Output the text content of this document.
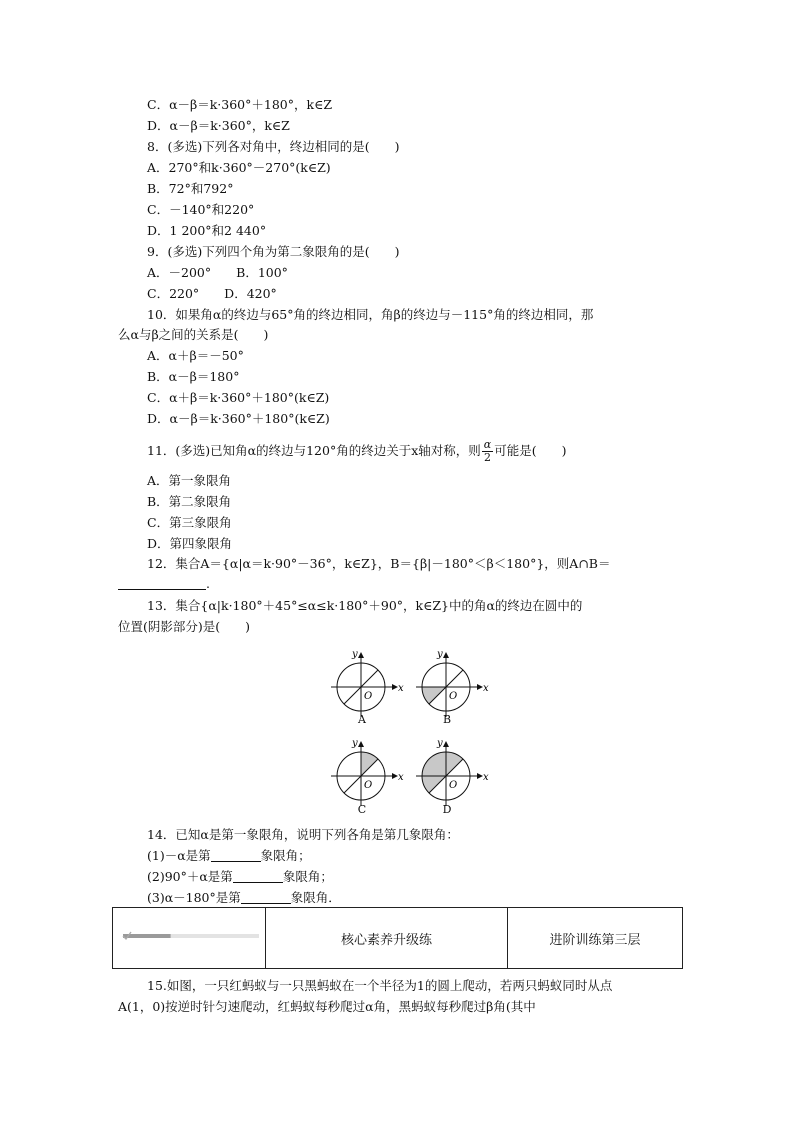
C．α－β＝k·360°＋180°，k∈Z
D．α－β＝k·360°，k∈Z
8．(多选)下列各对角中，终边相同的是(　　)
A．270°和k·360°－270°(k∈Z)
B．72°和792°
C．－140°和220°
D．1 200°和2 440°
9．(多选)下列四个角为第二象限角的是(　　)
A．－200°　　B．100°
C．220°　　D．420°
10．如果角α的终边与65°角的终边相同，角β的终边与－115°角的终边相同，那
么α与β之间的关系是(　　)
A．α＋β＝－50°
B．α－β＝180°
C．α＋β＝k·360°＋180°(k∈Z)
D．α－β＝k·360°＋180°(k∈Z)
11．(多选)已知角α的终边与120°角的终边关于x轴对称，则 $\frac{\alpha}{2}$ 可能是(　　)
A．第一象限角
B．第二象限角
C．第三象限角
D．第四象限角
12．集合A＝{α|α＝k·90°－36°，k∈Z}，B＝{β|－180°＜β＜180°}，则A∩B＝
.
13．集合{α|k·180°＋45°≤α≤k·180°＋90°，k∈Z}中的角α的终边在圆中的
位置(阴影部分)是(　　)
x
y
O
x
y
O
x
y
O
x
y
O
A	B
C	D
14．已知α是第一象限角，说明下列各角是第几象限角：
(1)－α是第	象限角；
(2)90°＋α是第	象限角；
(3)α－180°是第	象限角．
	核心素养升级练	进阶训练第三层
15.如图，一只红蚂蚁与一只黑蚂蚁在一个半径为1的圆上爬动，若两只蚂蚁同时从点
A(1，0)按逆时针匀速爬动，红蚂蚁每秒爬过α角，黑蚂蚁每秒爬过β角(其中
